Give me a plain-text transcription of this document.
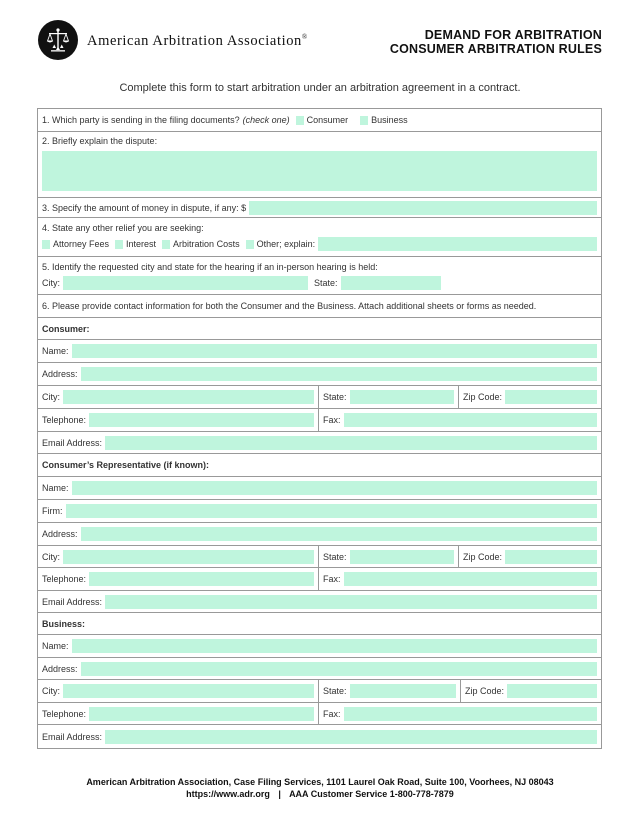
American Arbitration Association®	DEMAND FOR ARBITRATION
CONSUMER ARBITRATION RULES
Complete this form to start arbitration under an arbitration agreement in a contract.
1. Which party is sending in the filing documents? (check one) Consumer	Business
2. Briefly explain the dispute:
3. Specify the amount of money in dispute, if any: $
4. State any other relief you are seeking:
Attorney Fees Interest Arbitration Costs Other; explain:
5. Identify the requested city and state for the hearing if an in-person hearing is held:
City:	State:
6. Please provide contact information for both the Consumer and the Business. Attach additional sheets or forms as needed.
Consumer:
Name:
Address:
City:	State:	Zip Code:
Telephone:	Fax:
Email Address:
Consumer’s Representative (if known):
Name:
Firm:
Address:
City:	State:	Zip Code:
Telephone:	Fax:
Email Address:
Business:
Name:
Address:
City:	State:	Zip Code:
Telephone:	Fax:
Email Address:
American Arbitration Association, Case Filing Services, 1101 Laurel Oak Road, Suite 100, Voorhees, NJ 08043
https://www.adr.org | AAA Customer Service 1-800-778-7879
